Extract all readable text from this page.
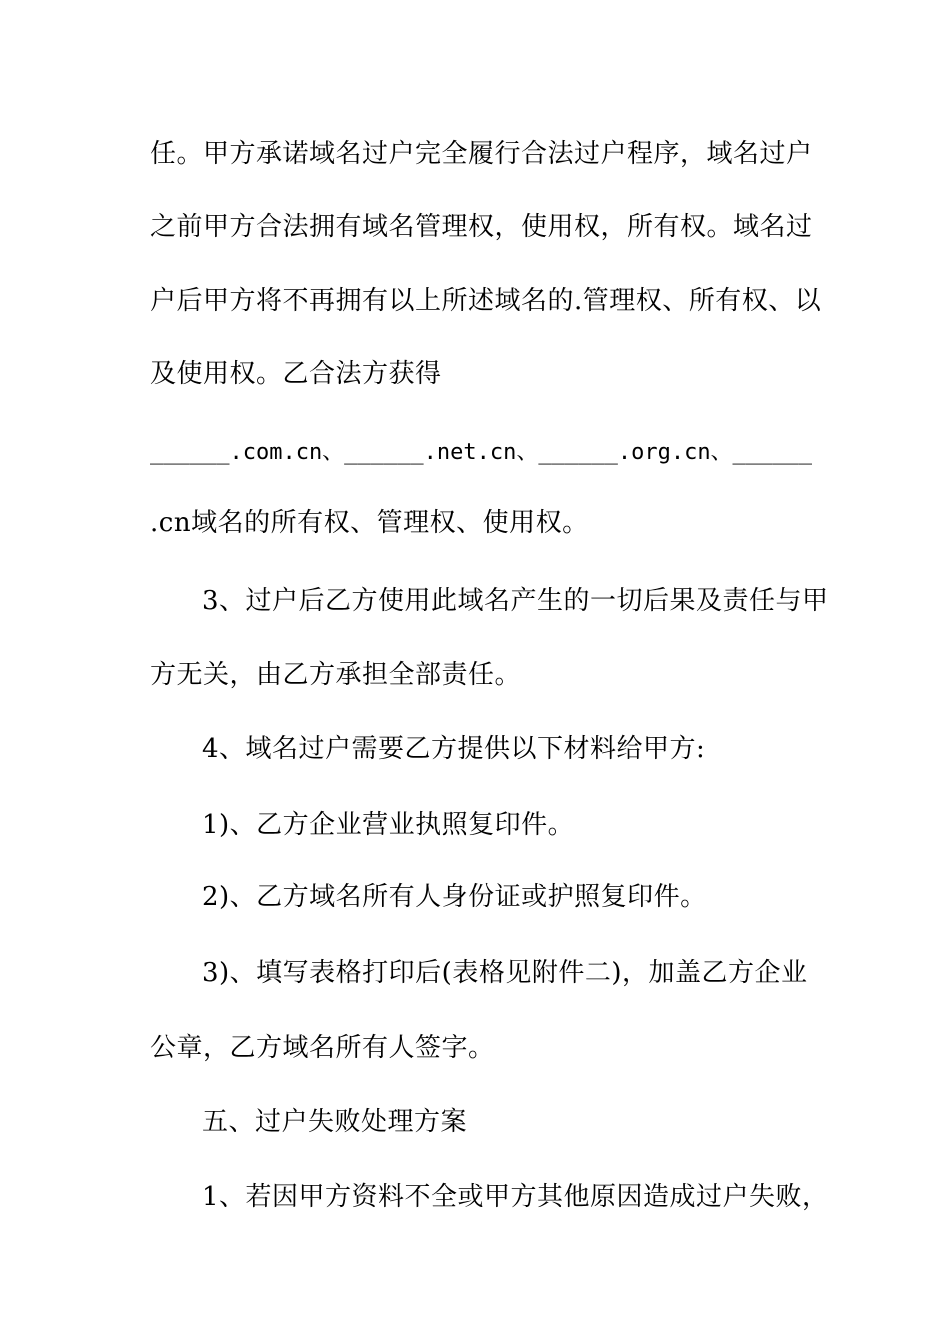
任。甲方承诺域名过户完全履行合法过户程序，域名过户
之前甲方合法拥有域名管理权，使用权，所有权。域名过
户后甲方将不再拥有以上所述域名的.管理权、所有权、以
及使用权。乙合法方获得
______.com.cn、______.net.cn、______.org.cn、______
.cn域名的所有权、管理权、使用权。
3、过户后乙方使用此域名产生的一切后果及责任与甲
方无关，由乙方承担全部责任。
4、域名过户需要乙方提供以下材料给甲方:
1)、乙方企业营业执照复印件。
2)、乙方域名所有人身份证或护照复印件。
3)、填写表格打印后(表格见附件二)，加盖乙方企业
公章，乙方域名所有人签字。
五、过户失败处理方案
1、若因甲方资料不全或甲方其他原因造成过户失败，
